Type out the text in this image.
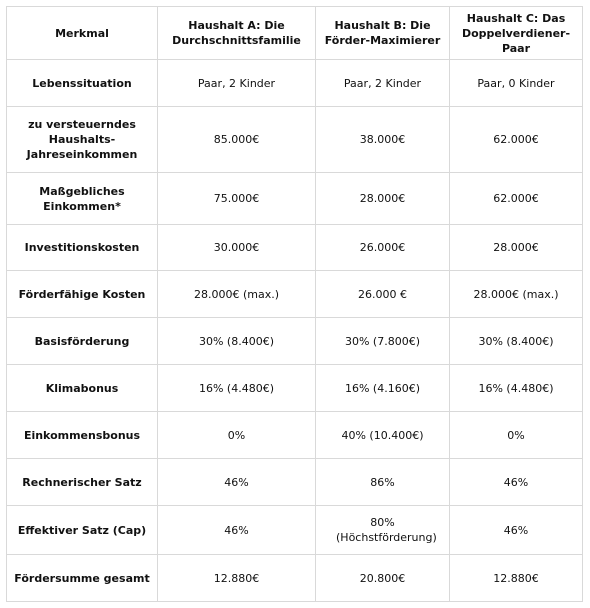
Merkmal	Haushalt A: Die Durchschnittsfamilie	Haushalt B: Die Förder-Maximierer	Haushalt C: Das Doppelverdiener-Paar
Lebenssituation	Paar, 2 Kinder	Paar, 2 Kinder	Paar, 0 Kinder
zu versteuerndes Haushalts-Jahreseinkommen	85.000€	38.000€	62.000€
Maßgebliches Einkommen*	75.000€	28.000€	62.000€
Investitionskosten	30.000€	26.000€	28.000€
Förderfähige Kosten	28.000€ (max.)	26.000 €	28.000€ (max.)
Basisförderung	30% (8.400€)	30% (7.800€)	30% (8.400€)
Klimabonus	16% (4.480€)	16% (4.160€)	16% (4.480€)
Einkommensbonus	0%	40% (10.400€)	0%
Rechnerischer Satz	46%	86%	46%
Effektiver Satz (Cap)	46%	80% (Höchstförderung)	46%
Fördersumme gesamt	12.880€	20.800€	12.880€
